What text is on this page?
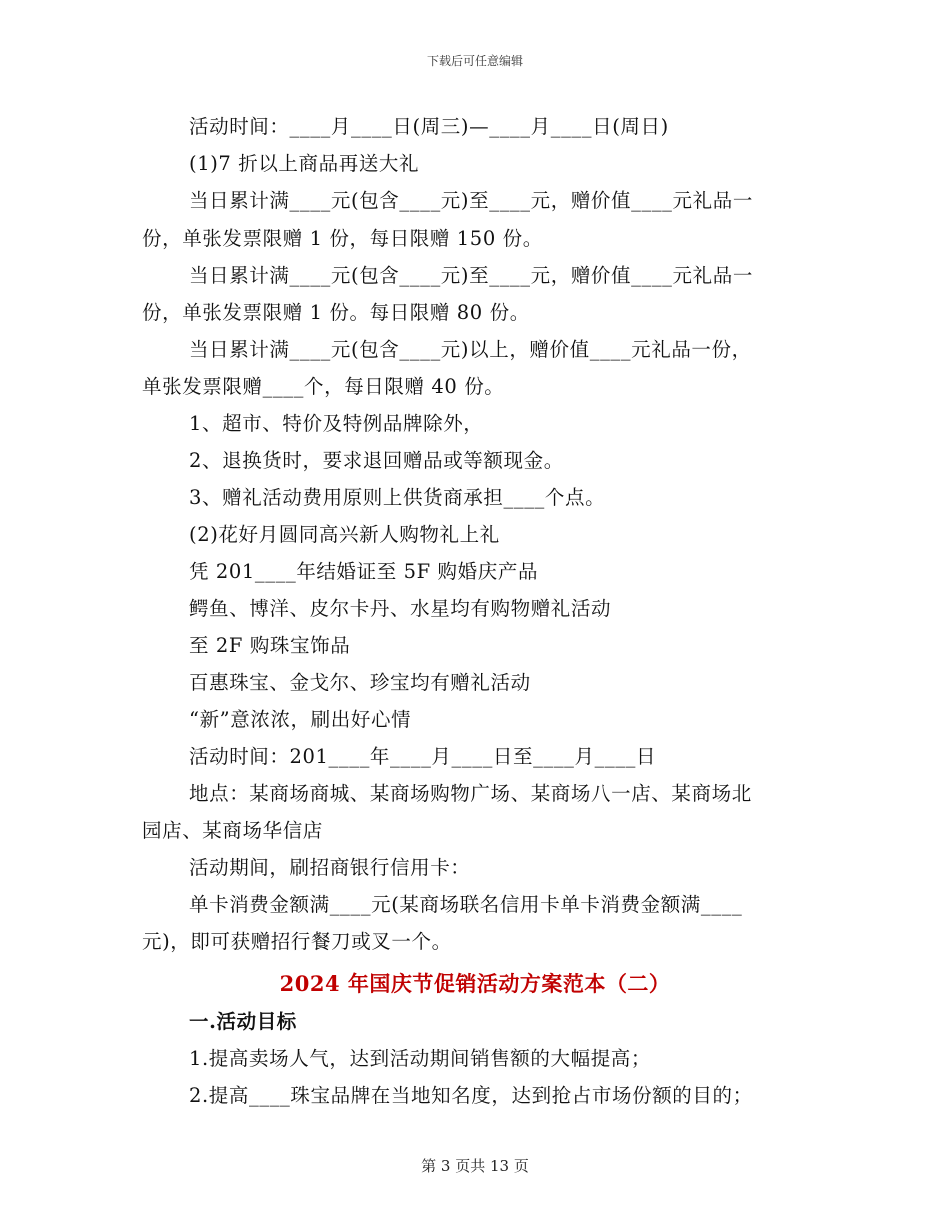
下载后可任意编辑
活动时间：____月____日(周三)—____月____日(周日)
(1)7 折以上商品再送大礼
当日累计满____元(包含____元)至____元，赠价值____元礼品一
份，单张发票限赠 1 份，每日限赠 150 份。
当日累计满____元(包含____元)至____元，赠价值____元礼品一
份，单张发票限赠 1 份。每日限赠 80 份。
当日累计满____元(包含____元)以上，赠价值____元礼品一份，
单张发票限赠____个，每日限赠 40 份。
1、超市、特价及特例品牌除外，
2、退换货时，要求退回赠品或等额现金。
3、赠礼活动费用原则上供货商承担____个点。
(2)花好月圆同高兴新人购物礼上礼
凭 201____年结婚证至 5F 购婚庆产品
鳄鱼、博洋、皮尔卡丹、水星均有购物赠礼活动
至 2F 购珠宝饰品
百惠珠宝、金戈尔、珍宝均有赠礼活动
“新”意浓浓，刷出好心情
活动时间：201____年____月____日至____月____日
地点：某商场商城、某商场购物广场、某商场八一店、某商场北
园店、某商场华信店
活动期间，刷招商银行信用卡：
单卡消费金额满____元(某商场联名信用卡单卡消费金额满____
元)，即可获赠招行餐刀或叉一个。
2024 年国庆节促销活动方案范本（二）
一.活动目标
1.提高卖场人气，达到活动期间销售额的大幅提高；
2.提高____珠宝品牌在当地知名度，达到抢占市场份额的目的；
第 3 页共 13 页
